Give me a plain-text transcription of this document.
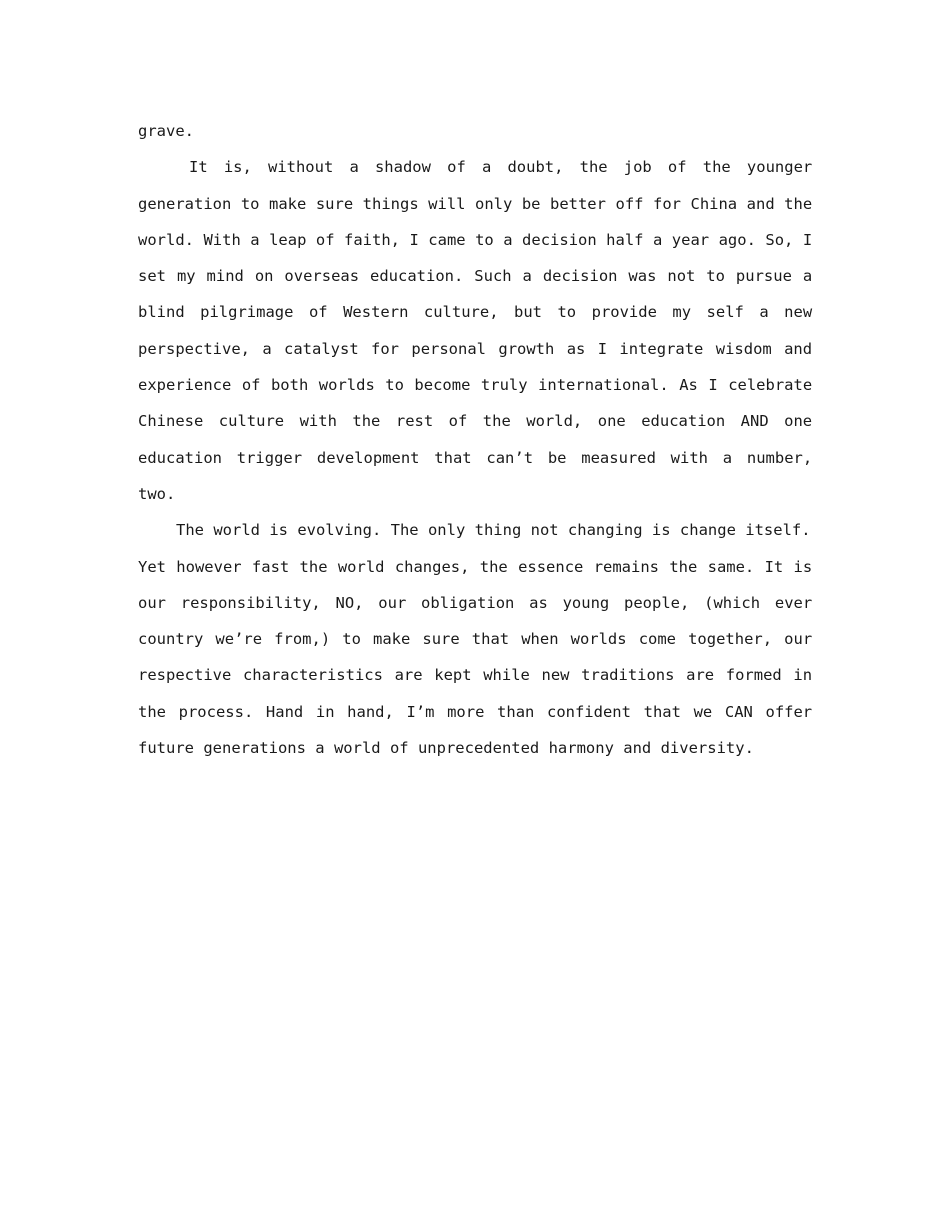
grave.
It is, without a shadow of a doubt, the job of the younger
generation to make sure things will only be better off for China and the
world. With a leap of faith, I came to a decision half a year ago. So, I
set my mind on overseas education. Such a decision was not to pursue a
blind pilgrimage of Western culture, but to provide my self a new
perspective, a catalyst for personal growth as I integrate wisdom and
experience of both worlds to become truly international. As I celebrate
Chinese culture with the rest of the world, one education AND one
education trigger development that can’t be measured with a number,
two.
The world is evolving. The only thing not changing is change itself.
Yet however fast the world changes, the essence remains the same. It is
our responsibility, NO, our obligation as young people, (which ever
country we’re from,) to make sure that when worlds come together, our
respective characteristics are kept while new traditions are formed in
the process. Hand in hand, I’m more than confident that we CAN offer
future generations a world of unprecedented harmony and diversity.
